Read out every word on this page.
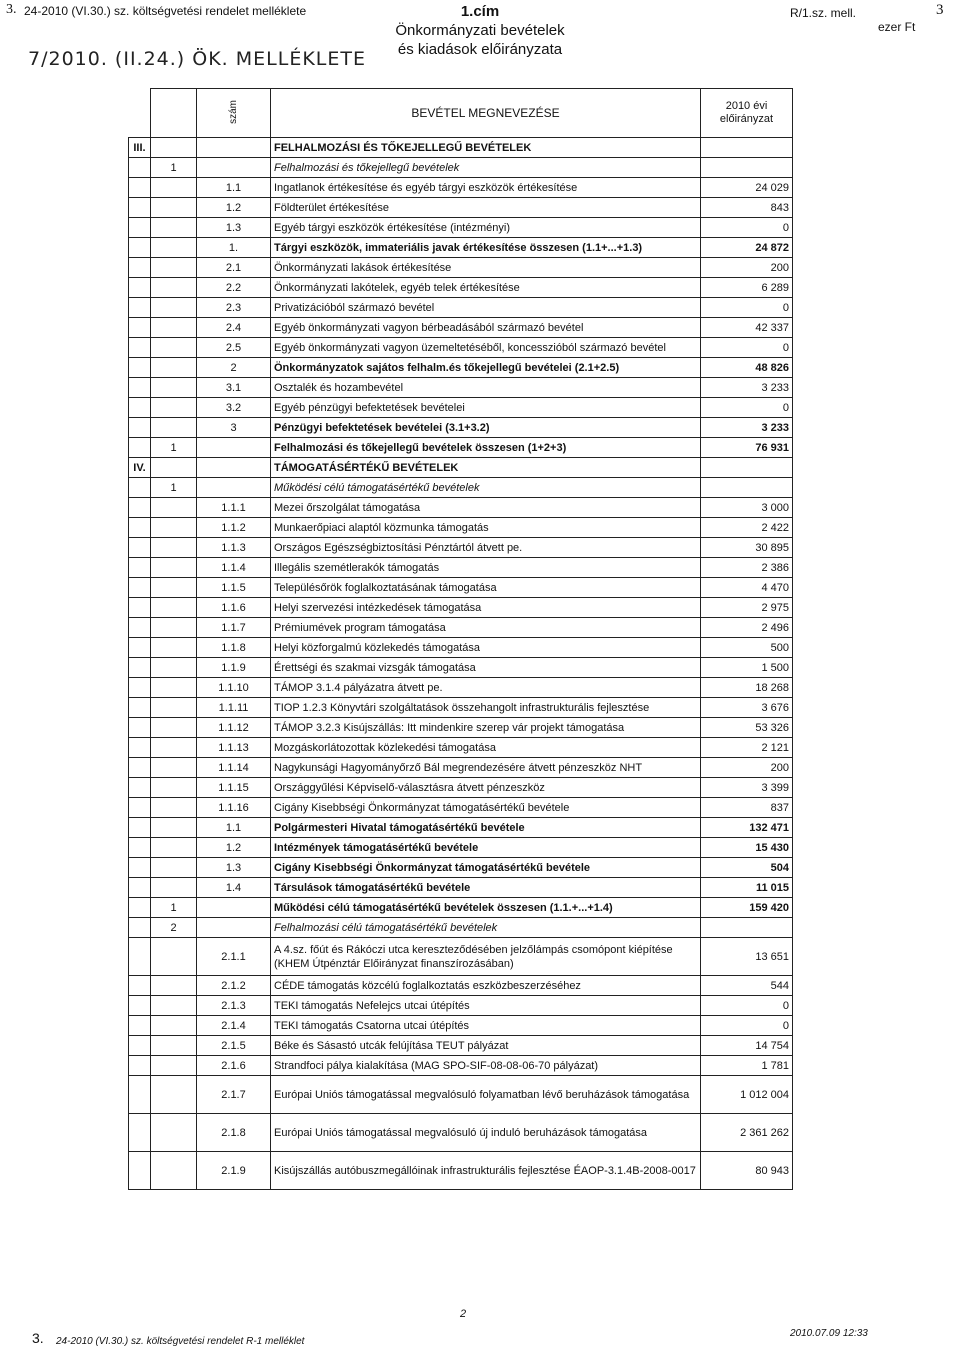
3. 24-2010 (VI.30.) sz. költségvetési rendelet melléklete
7/2010. (II.24.) ÖK. MELLÉKLETE
1.cím
Önkormányzati bevételek
és kiadások előirányzata
R/1.sz. mell.	3
ezer Ft
		szám	BEVÉTEL MEGNEVEZÉSE	2010 évi
előirányzat

III.			FELHALMOZÁSI ÉS TŐKEJELLEGŰ BEVÉTELEK	
	1		Felhalmozási és tőkejellegű bevételek	
		1.1	Ingatlanok értékesítése és egyéb tárgyi eszközök értékesítése	24 029
		1.2	Földterület értékesítése	843
		1.3	Egyéb tárgyi eszközök értékesítése (intézményi)	0
		1.	Tárgyi eszközök, immateriális javak értékesítése összesen (1.1+...+1.3)	24 872
		2.1	Önkormányzati lakások értékesítése	200
		2.2	Önkormányzati lakótelek, egyéb telek értékesítése	6 289
		2.3	Privatizációból származó bevétel	0
		2.4	Egyéb önkormányzati vagyon bérbeadásából származó bevétel	42 337
		2.5	Egyéb önkormányzati vagyon üzemeltetéséből, koncesszióból származó bevétel	0
		2	Önkormányzatok sajátos felhalm.és tőkejellegű bevételei (2.1+2.5)	48 826
		3.1	Osztalék és hozambevétel	3 233
		3.2	Egyéb pénzügyi befektetések bevételei	0
		3	Pénzügyi befektetések bevételei (3.1+3.2)	3 233
	1		Felhalmozási és tőkejellegű bevételek összesen (1+2+3)	76 931
IV.			TÁMOGATÁSÉRTÉKŰ BEVÉTELEK	
	1		Működési célú támogatásértékű bevételek	
		1.1.1	Mezei őrszolgálat támogatása	3 000
		1.1.2	Munkaerőpiaci alaptól közmunka támogatás	2 422
		1.1.3	Országos Egészségbiztosítási Pénztártól átvett pe.	30 895
		1.1.4	Illegális szemétlerakók támogatás	2 386
		1.1.5	Településőrök foglalkoztatásának támogatása	4 470
		1.1.6	Helyi szervezési intézkedések támogatása	2 975
		1.1.7	Prémiumévek program támogatása	2 496
		1.1.8	Helyi közforgalmú közlekedés támogatása	500
		1.1.9	Érettségi és szakmai vizsgák támogatása	1 500
		1.1.10	TÁMOP 3.1.4 pályázatra átvett pe.	18 268
		1.1.11	TIOP 1.2.3 Könyvtári szolgáltatások összehangolt infrastrukturális fejlesztése	3 676
		1.1.12	TÁMOP 3.2.3 Kisújszállás: Itt mindenkire szerep vár projekt támogatása	53 326
		1.1.13	Mozgáskorlátozottak közlekedési támogatása	2 121
		1.1.14	Nagykunsági Hagyományőrző Bál megrendezésére átvett pénzeszköz NHT	200
		1.1.15	Országgyűlési Képviselő-választásra átvett pénzeszköz	3 399
		1.1.16	Cigány Kisebbségi Önkormányzat támogatásértékű bevétele	837
		1.1	Polgármesteri Hivatal támogatásértékű bevétele	132 471
		1.2	Intézmények támogatásértékű bevétele	15 430
		1.3	Cigány Kisebbségi Önkormányzat támogatásértékű bevétele	504
		1.4	Társulások támogatásértékű bevétele	11 015
	1		Működési célú támogatásértékű bevételek összesen (1.1.+...+1.4)	159 420
	2		Felhalmozási célú támogatásértékű bevételek	
		2.1.1	A 4.sz. főút és Rákóczi utca kereszteződésében jelzőlámpás csomópont kiépítése (KHEM Útpénztár Előirányzat finanszírozásában)	13 651
		2.1.2	CÉDE támogatás közcélú foglalkoztatás eszközbeszerzéséhez	544
		2.1.3	TEKI támogatás Nefelejcs utcai útépítés	0
		2.1.4	TEKI támogatás Csatorna utcai útépítés	0
		2.1.5	Béke és Sásastó utcák felújítása TEUT pályázat	14 754
		2.1.6	Strandfoci pálya kialakítása (MAG SPO-SIF-08-08-06-70 pályázat)	1 781
		2.1.7	Európai Uniós támogatással megvalósuló folyamatban lévő beruházások támogatása	1 012 004
		2.1.8	Európai Uniós támogatással megvalósuló új induló beruházások támogatása	2 361 262
		2.1.9	Kisújszállás autóbuszmegállóinak infrastrukturális fejlesztése ÉAOP-3.1.4B-2008-0017	80 943
2
3. 24-2010 (VI.30.) sz. költségvetési rendelet R-1 melléklet
2010.07.09 12:33
